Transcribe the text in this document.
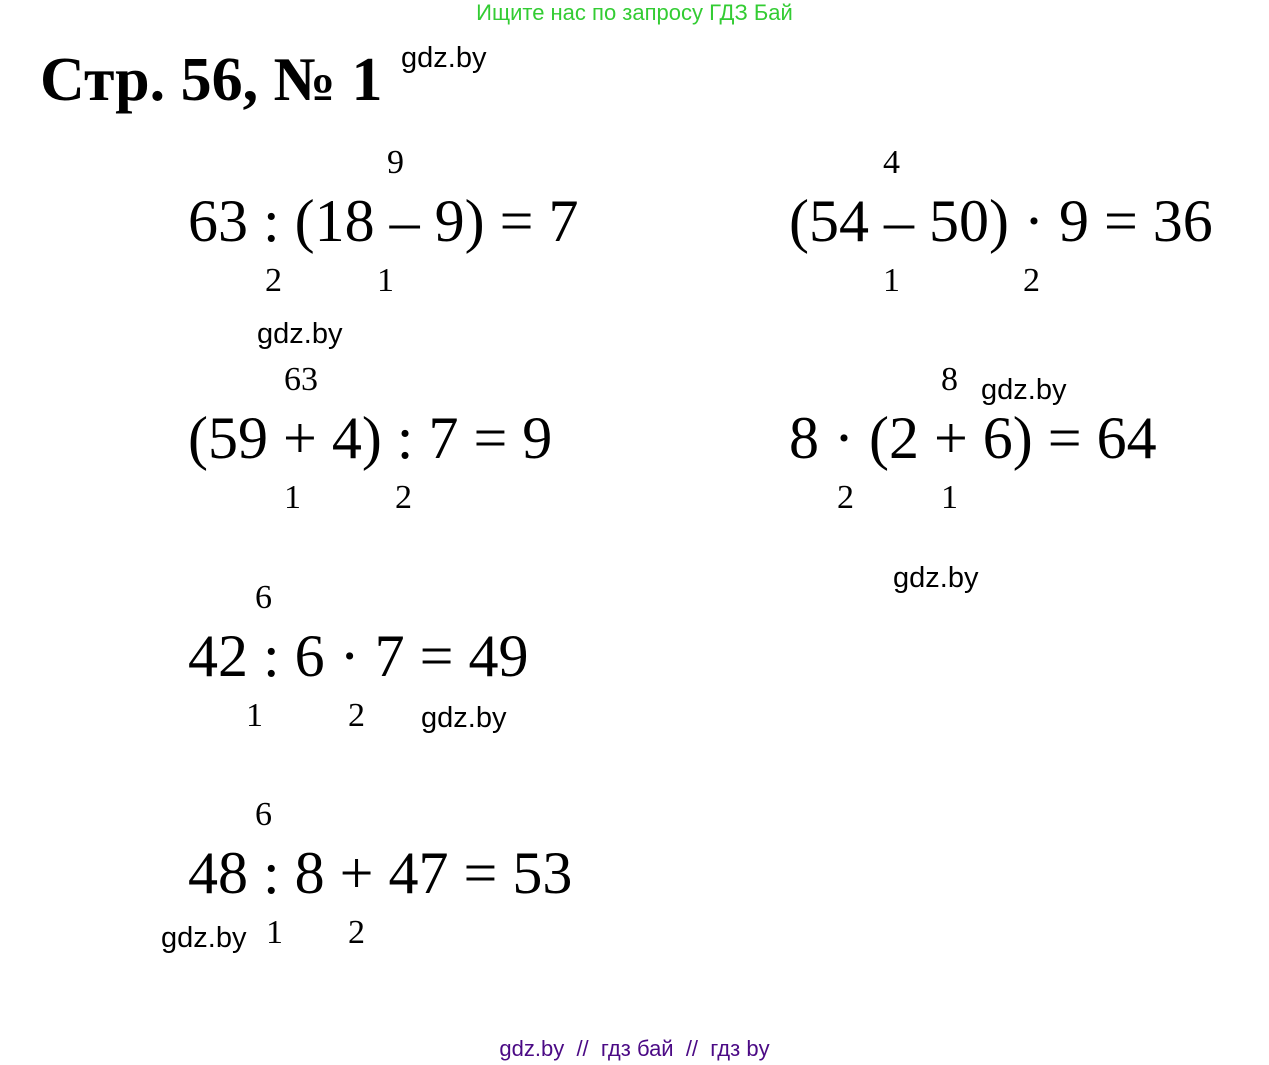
Ищите нас по запросу ГДЗ Бай
Стр. 56, № 1 gdz.by
gdz.by
gdz.by
gdz.by
gdz.by
gdz.by
9
63 : (18 – 9) = 7
2	1
4
(54 – 50) · 9 = 36
1	2
63
(59 + 4) : 7 = 9
1	2
8
8 · (2 + 6) = 64
2	1
6
42 : 6 · 7 = 49
1	2
6
48 : 8 + 47 = 53
1 2
gdz.by  //  гдз бай  //  гдз by
